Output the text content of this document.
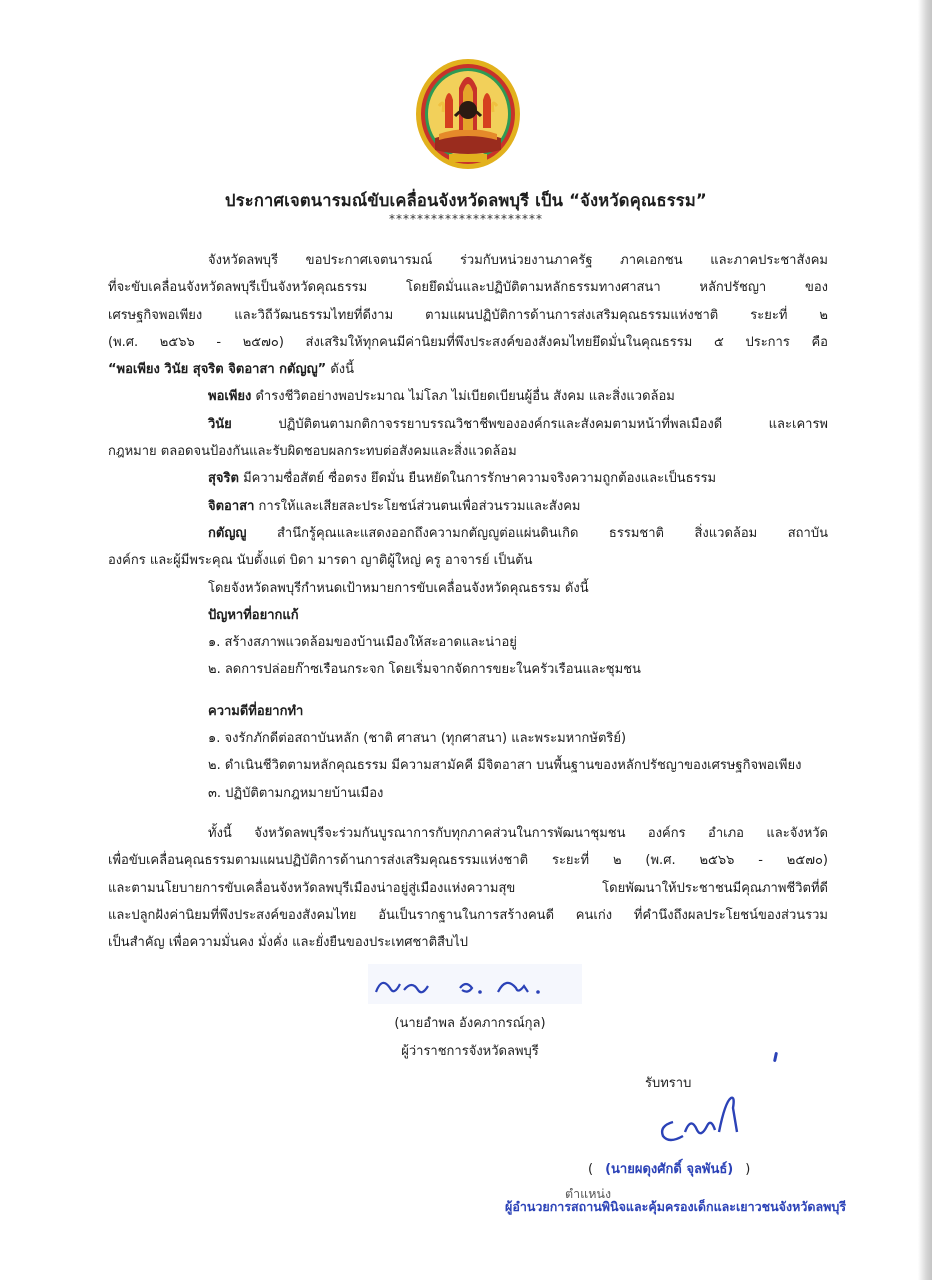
ประกาศเจตนารมณ์ขับเคลื่อนจังหวัดลพบุรี เป็น “จังหวัดคุณธรรม”
**********************
จังหวัดลพบุรี ขอประกาศเจตนารมณ์ ร่วมกับหน่วยงานภาครัฐ ภาคเอกชน และภาคประชาสังคม
ที่จะขับเคลื่อนจังหวัดลพบุรีเป็นจังหวัดคุณธรรม โดยยึดมั่นและปฏิบัติตามหลักธรรมทางศาสนา หลักปรัชญา ของ
เศรษฐกิจพอเพียง และวิถีวัฒนธรรมไทยที่ดีงาม ตามแผนปฏิบัติการด้านการส่งเสริมคุณธรรมแห่งชาติ ระยะที่ ๒
(พ.ศ. ๒๕๖๖ - ๒๕๗๐) ส่งเสริมให้ทุกคนมีค่านิยมที่พึงประสงค์ของสังคมไทยยึดมั่นในคุณธรรม ๕ ประการ คือ
“พอเพียง วินัย สุจริต จิตอาสา กตัญญู” ดังนี้
พอเพียง ดำรงชีวิตอย่างพอประมาณ ไม่โลภ ไม่เบียดเบียนผู้อื่น สังคม และสิ่งแวดล้อม
วินัย ปฏิบัติตนตามกติกาจรรยาบรรณวิชาชีพขององค์กรและสังคมตามหน้าที่พลเมืองดี และเคารพ
กฎหมาย ตลอดจนป้องกันและรับผิดชอบผลกระทบต่อสังคมและสิ่งแวดล้อม
สุจริต มีความซื่อสัตย์ ซื่อตรง ยึดมั่น ยืนหยัดในการรักษาความจริงความถูกต้องและเป็นธรรม
จิตอาสา การให้และเสียสละประโยชน์ส่วนตนเพื่อส่วนรวมและสังคม
กตัญญู สำนึกรู้คุณและแสดงออกถึงความกตัญญูต่อแผ่นดินเกิด ธรรมชาติ สิ่งแวดล้อม สถาบัน
องค์กร และผู้มีพระคุณ นับตั้งแต่ บิดา มารดา ญาติผู้ใหญ่ ครู อาจารย์ เป็นต้น
โดยจังหวัดลพบุรีกำหนดเป้าหมายการขับเคลื่อนจังหวัดคุณธรรม ดังนี้
ปัญหาที่อยากแก้
๑. สร้างสภาพแวดล้อมของบ้านเมืองให้สะอาดและน่าอยู่
๒. ลดการปล่อยก๊าซเรือนกระจก โดยเริ่มจากจัดการขยะในครัวเรือนและชุมชน
ความดีที่อยากทำ
๑. จงรักภักดีต่อสถาบันหลัก (ชาติ ศาสนา (ทุกศาสนา) และพระมหากษัตริย์)
๒. ดำเนินชีวิตตามหลักคุณธรรม มีความสามัคคี มีจิตอาสา บนพื้นฐานของหลักปรัชญาของเศรษฐกิจพอเพียง
๓. ปฏิบัติตามกฎหมายบ้านเมือง
ทั้งนี้ จังหวัดลพบุรีจะร่วมกันบูรณาการกับทุกภาคส่วนในการพัฒนาชุมชน องค์กร อำเภอ และจังหวัด
เพื่อขับเคลื่อนคุณธรรมตามแผนปฏิบัติการด้านการส่งเสริมคุณธรรมแห่งชาติ ระยะที่ ๒ (พ.ศ. ๒๕๖๖ - ๒๕๗๐)
และตามนโยบายการขับเคลื่อนจังหวัดลพบุรีเมืองน่าอยู่สู่เมืองแห่งความสุข โดยพัฒนาให้ประชาชนมีคุณภาพชีวิตที่ดี
และปลูกฝังค่านิยมที่พึงประสงค์ของสังคมไทย อันเป็นรากฐานในการสร้างคนดี คนเก่ง ที่คำนึงถึงผลประโยชน์ของส่วนรวม
เป็นสำคัญ เพื่อความมั่นคง มั่งคั่ง และยั่งยืนของประเทศชาติสืบไป
(นายอำพล อังคภากรณ์กุล)
ผู้ว่าราชการจังหวัดลพบุรี
รับทราบ
( (นายผดุงศักดิ์ จุลพันธ์) )
ตำแหน่ง
ผู้อำนวยการสถานพินิจและคุ้มครองเด็กและเยาวชนจังหวัดลพบุรี
